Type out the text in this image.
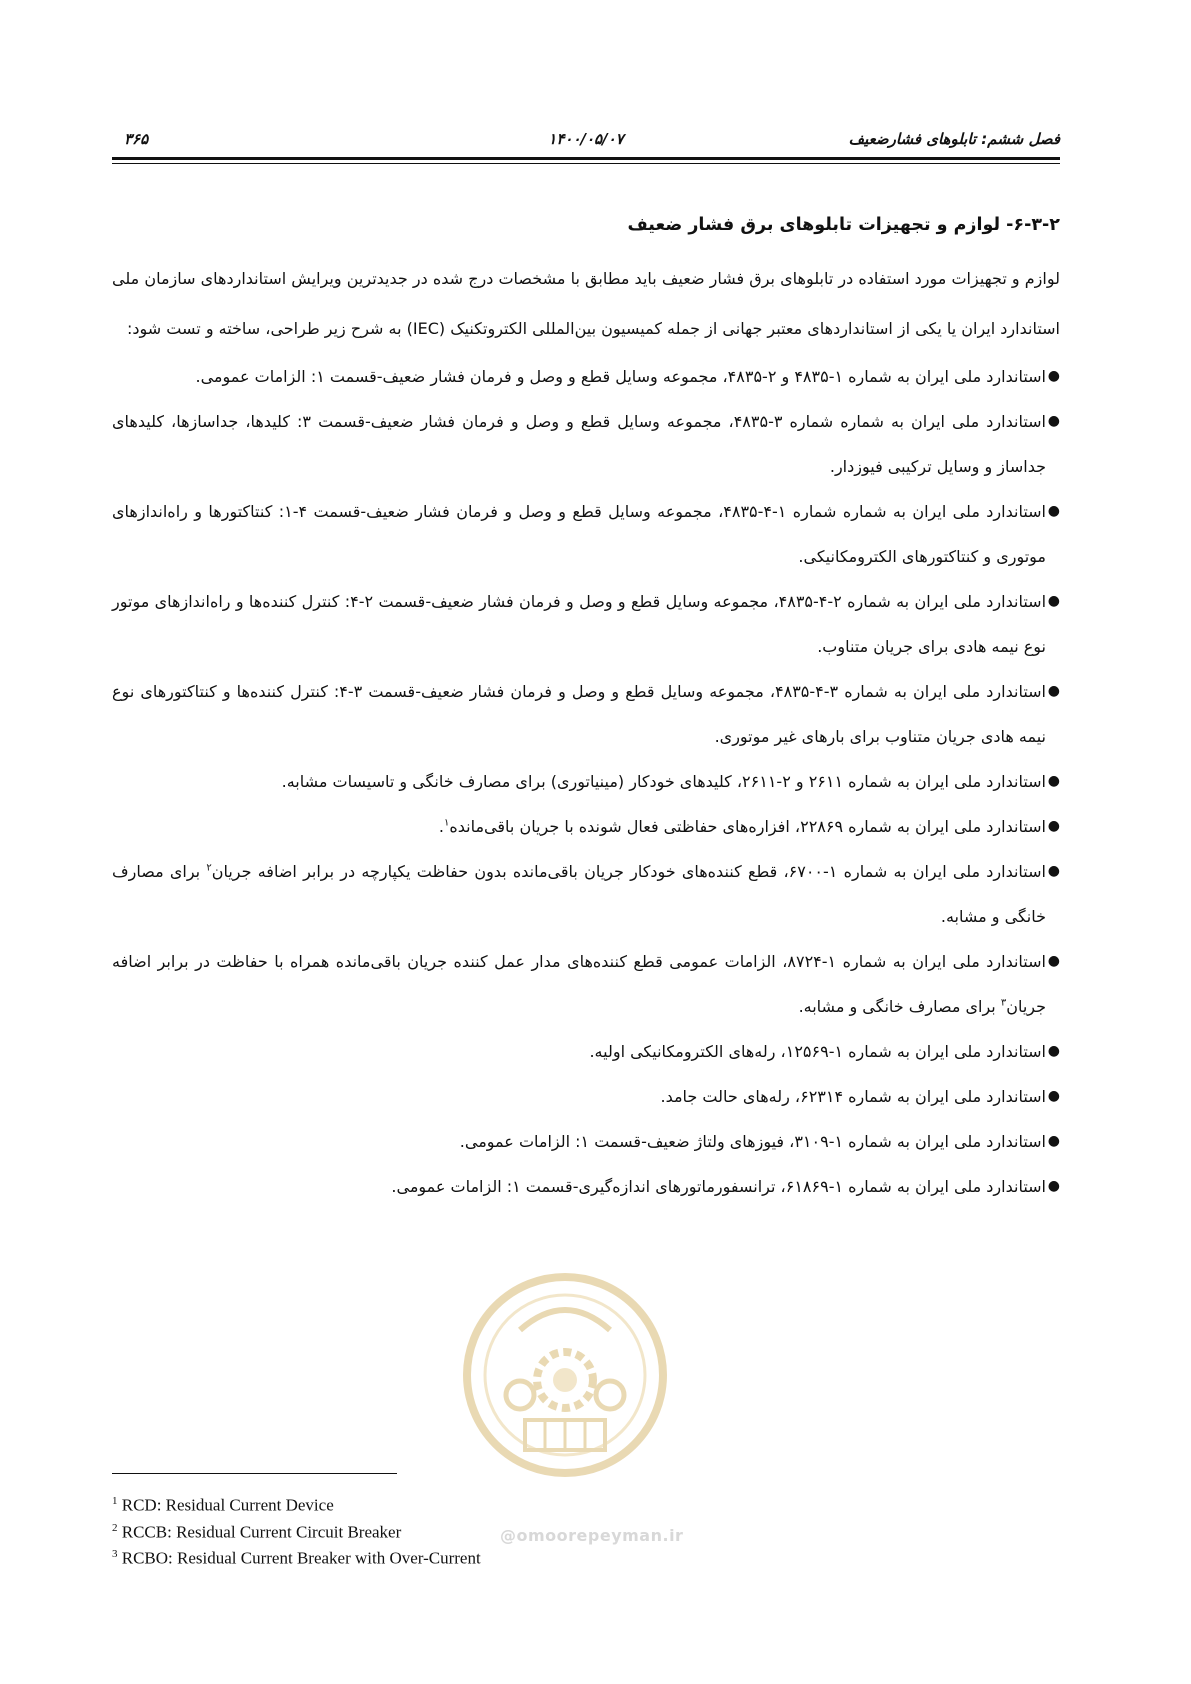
فصل ششم: تابلوهای فشارضعیف
۱۴۰۰/۰۵/۰۷
۳۶۵
۶-۳-۲- لوازم و تجهیزات تابلوهای برق فشار ضعیف

لوازم و تجهیزات مورد استفاده در تابلوهای برق فشار ضعیف باید مطابق با مشخصات درج شده در جدیدترین ویرایش استانداردهای سازمان ملی استاندارد ایران یا یکی از استانداردهای معتبر جهانی از جمله کمیسیون بین‌المللی الکتروتکنیک (IEC) به شرح زیر طراحی، ساخته و تست شود:

●
استاندارد ملی ایران به شماره ۱-۴۸۳۵ و ۲-۴۸۳۵، مجموعه وسایل قطع و وصل و فرمان فشار ضعیف-قسمت ۱: الزامات عمومی.
●
استاندارد ملی ایران به شماره شماره ۳-۴۸۳۵، مجموعه وسایل قطع و وصل و فرمان فشار ضعیف-قسمت ۳: کلیدها، جداسازها، کلیدهای جداساز و وسایل ترکیبی فیوزدار.
●
استاندارد ملی ایران به شماره شماره ۱-۴-۴۸۳۵، مجموعه وسایل قطع و وصل و فرمان فشار ضعیف-قسمت ۴-۱: کنتاکتورها و راه‌اندازهای موتوری و کنتاکتورهای الکترومکانیکی.
●
استاندارد ملی ایران به شماره ۲-۴-۴۸۳۵، مجموعه وسایل قطع و وصل و فرمان فشار ضعیف-قسمت ۲-۴: کنترل کننده‌ها و راه‌اندازهای موتور نوع نیمه هادی برای جریان متناوب.
●
استاندارد ملی ایران به شماره ۳-۴-۴۸۳۵، مجموعه وسایل قطع و وصل و فرمان فشار ضعیف-قسمت ۳-۴: کنترل کننده‌ها و کنتاکتورهای نوع نیمه هادی جریان متناوب برای بارهای غیر موتوری.
●
استاندارد ملی ایران به شماره ۲۶۱۱ و ۲-۲۶۱۱، کلیدهای خودکار (مینیاتوری) برای مصارف خانگی و تاسیسات مشابه.
●
استاندارد ملی ایران به شماره ۲۲۸۶۹، افزاره‌های حفاظتی فعال شونده با جریان باقی‌مانده$^۱$.
●
استاندارد ملی ایران به شماره ۱-۶۷۰۰، قطع کننده‌های خودکار جریان باقی‌مانده بدون حفاظت یکپارچه در برابر اضافه جریان$^۲$ برای مصارف خانگی و مشابه.
●
استاندارد ملی ایران به شماره ۱-۸۷۲۴، الزامات عمومی قطع کننده‌های مدار عمل کننده جریان باقی‌مانده همراه با حفاظت در برابر اضافه جریان$^۳$ برای مصارف خانگی و مشابه.
●
استاندارد ملی ایران به شماره ۱-۱۲۵۶۹، رله‌های الکترومکانیکی اولیه.
●
استاندارد ملی ایران به شماره ۶۲۳۱۴، رله‌های حالت جامد.
●
استاندارد ملی ایران به شماره ۱-۳۱۰۹، فیوزهای ولتاژ ضعیف-قسمت ۱: الزامات عمومی.
●
استاندارد ملی ایران به شماره ۱-۶۱۸۶۹، ترانسفورماتورهای اندازه‌گیری-قسمت ۱: الزامات عمومی.
@omoorepeyman.ir
$^1$ RCD: Residual Current Device
$^2$ RCCB: Residual Current Circuit Breaker
$^3$ RCBO: Residual Current Breaker with Over-Current
